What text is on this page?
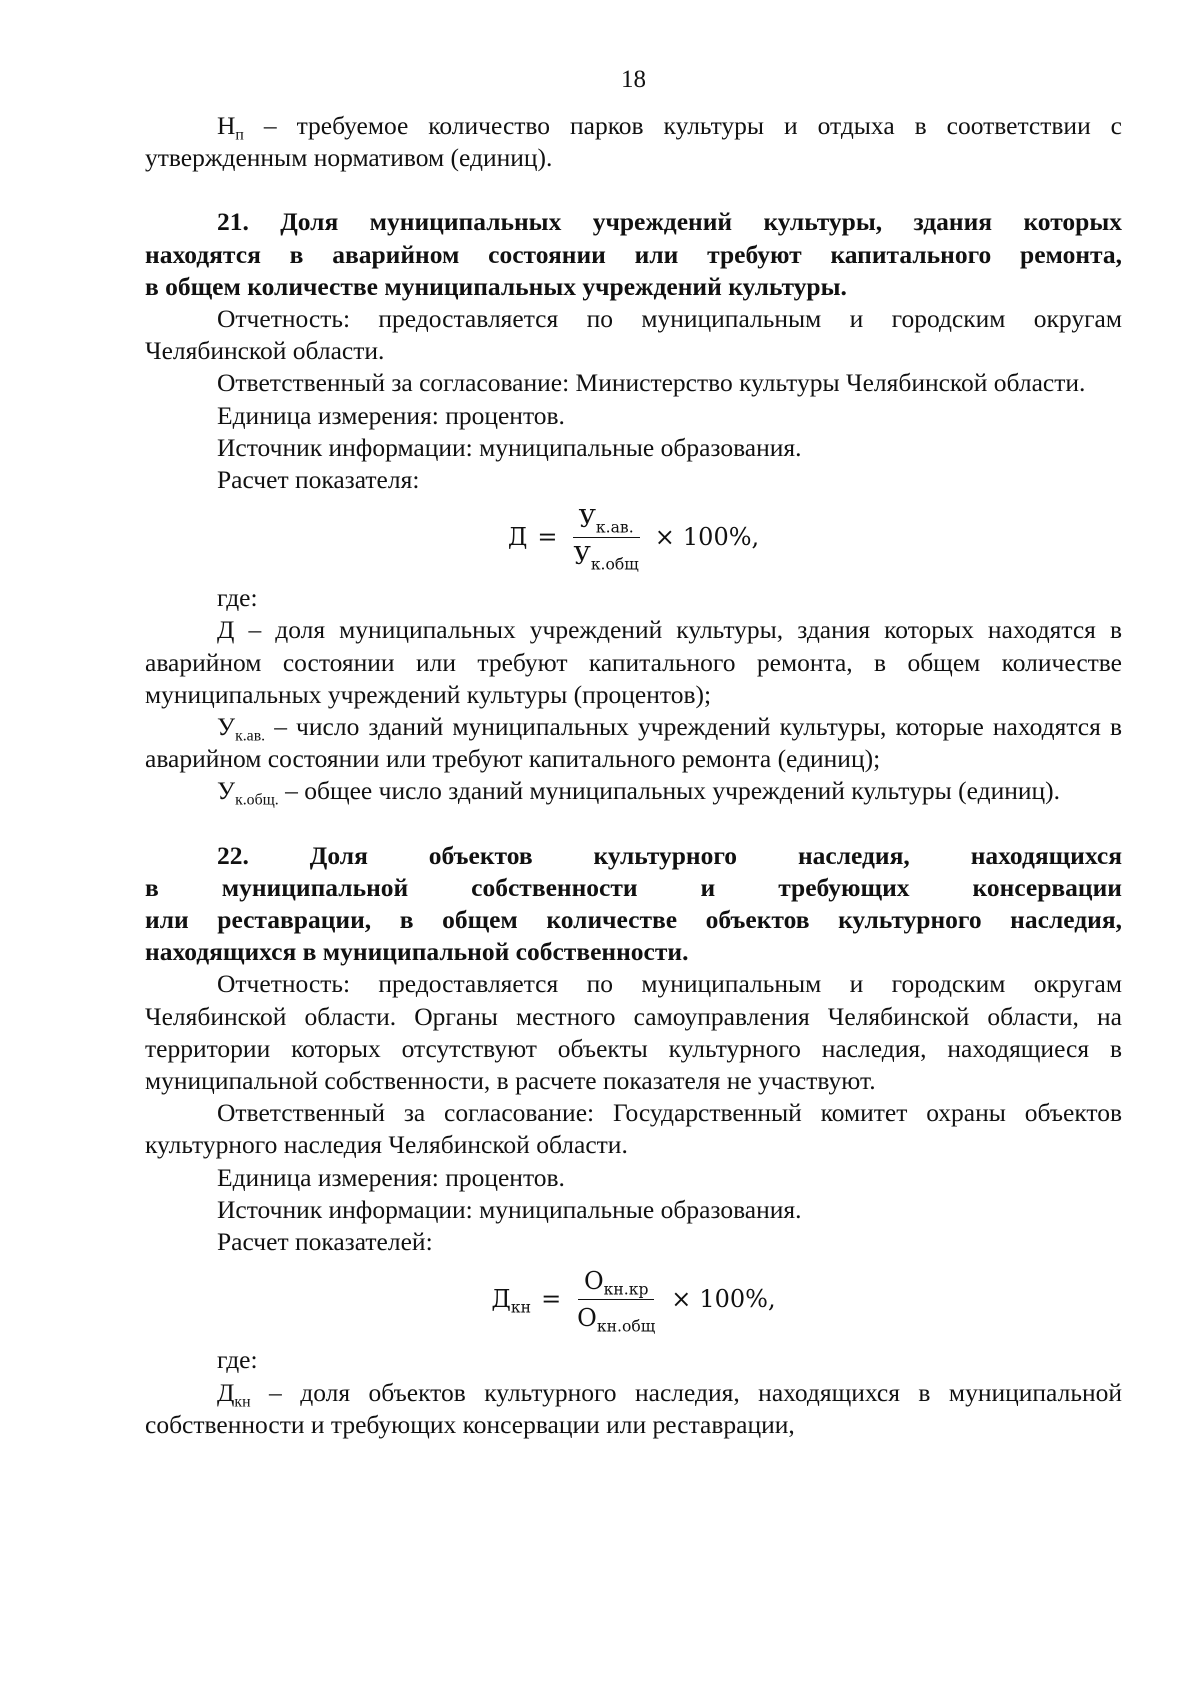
18

$Н_п$ – требуемое количество парков культуры и отдыха в соответствии с утвержденным нормативом (единиц).

21. Доля муниципальных учреждений культуры, здания которых

находятся в аварийном состоянии или требуют капитального ремонта,

в общем количестве муниципальных учреждений культуры.

Отчетность: предоставляется по муниципальным и городским округам Челябинской области.

Ответственный за согласование: Министерство культуры Челябинской области.

Единица измерения: процентов.

Источник информации: муниципальные образования.

Расчет показателя:

$Д = \frac{У_{к.ав.}}{У_{к.общ}} \times 100\%$,

где:

Д – доля муниципальных учреждений культуры, здания которых находятся в аварийном состоянии или требуют капитального ремонта, в общем количестве муниципальных учреждений культуры (процентов);

$У_{к.ав.}$ – число зданий муниципальных учреждений культуры, которые находятся в аварийном состоянии или требуют капитального ремонта (единиц);

$У_{к.общ.}$ – общее число зданий муниципальных учреждений культуры (единиц).

22. Доля объектов культурного наследия, находящихся

в муниципальной собственности и требующих консервации

или реставрации, в общем количестве объектов культурного наследия,

находящихся в муниципальной собственности.

Отчетность: предоставляется по муниципальным и городским округам Челябинской области. Органы местного самоуправления Челябинской области, на территории которых отсутствуют объекты культурного наследия, находящиеся в муниципальной собственности, в расчете показателя не участвуют.

Ответственный за согласование: Государственный комитет охраны объектов культурного наследия Челябинской области.

Единица измерения: процентов.

Источник информации: муниципальные образования.

Расчет показателей:

$Д_{кн} = \frac{О_{кн.кр}}{О_{кн.общ}} \times 100\%$,

где:

$Д_{кн}$ – доля объектов культурного наследия, находящихся в муниципальной собственности и требующих консервации или реставрации,
